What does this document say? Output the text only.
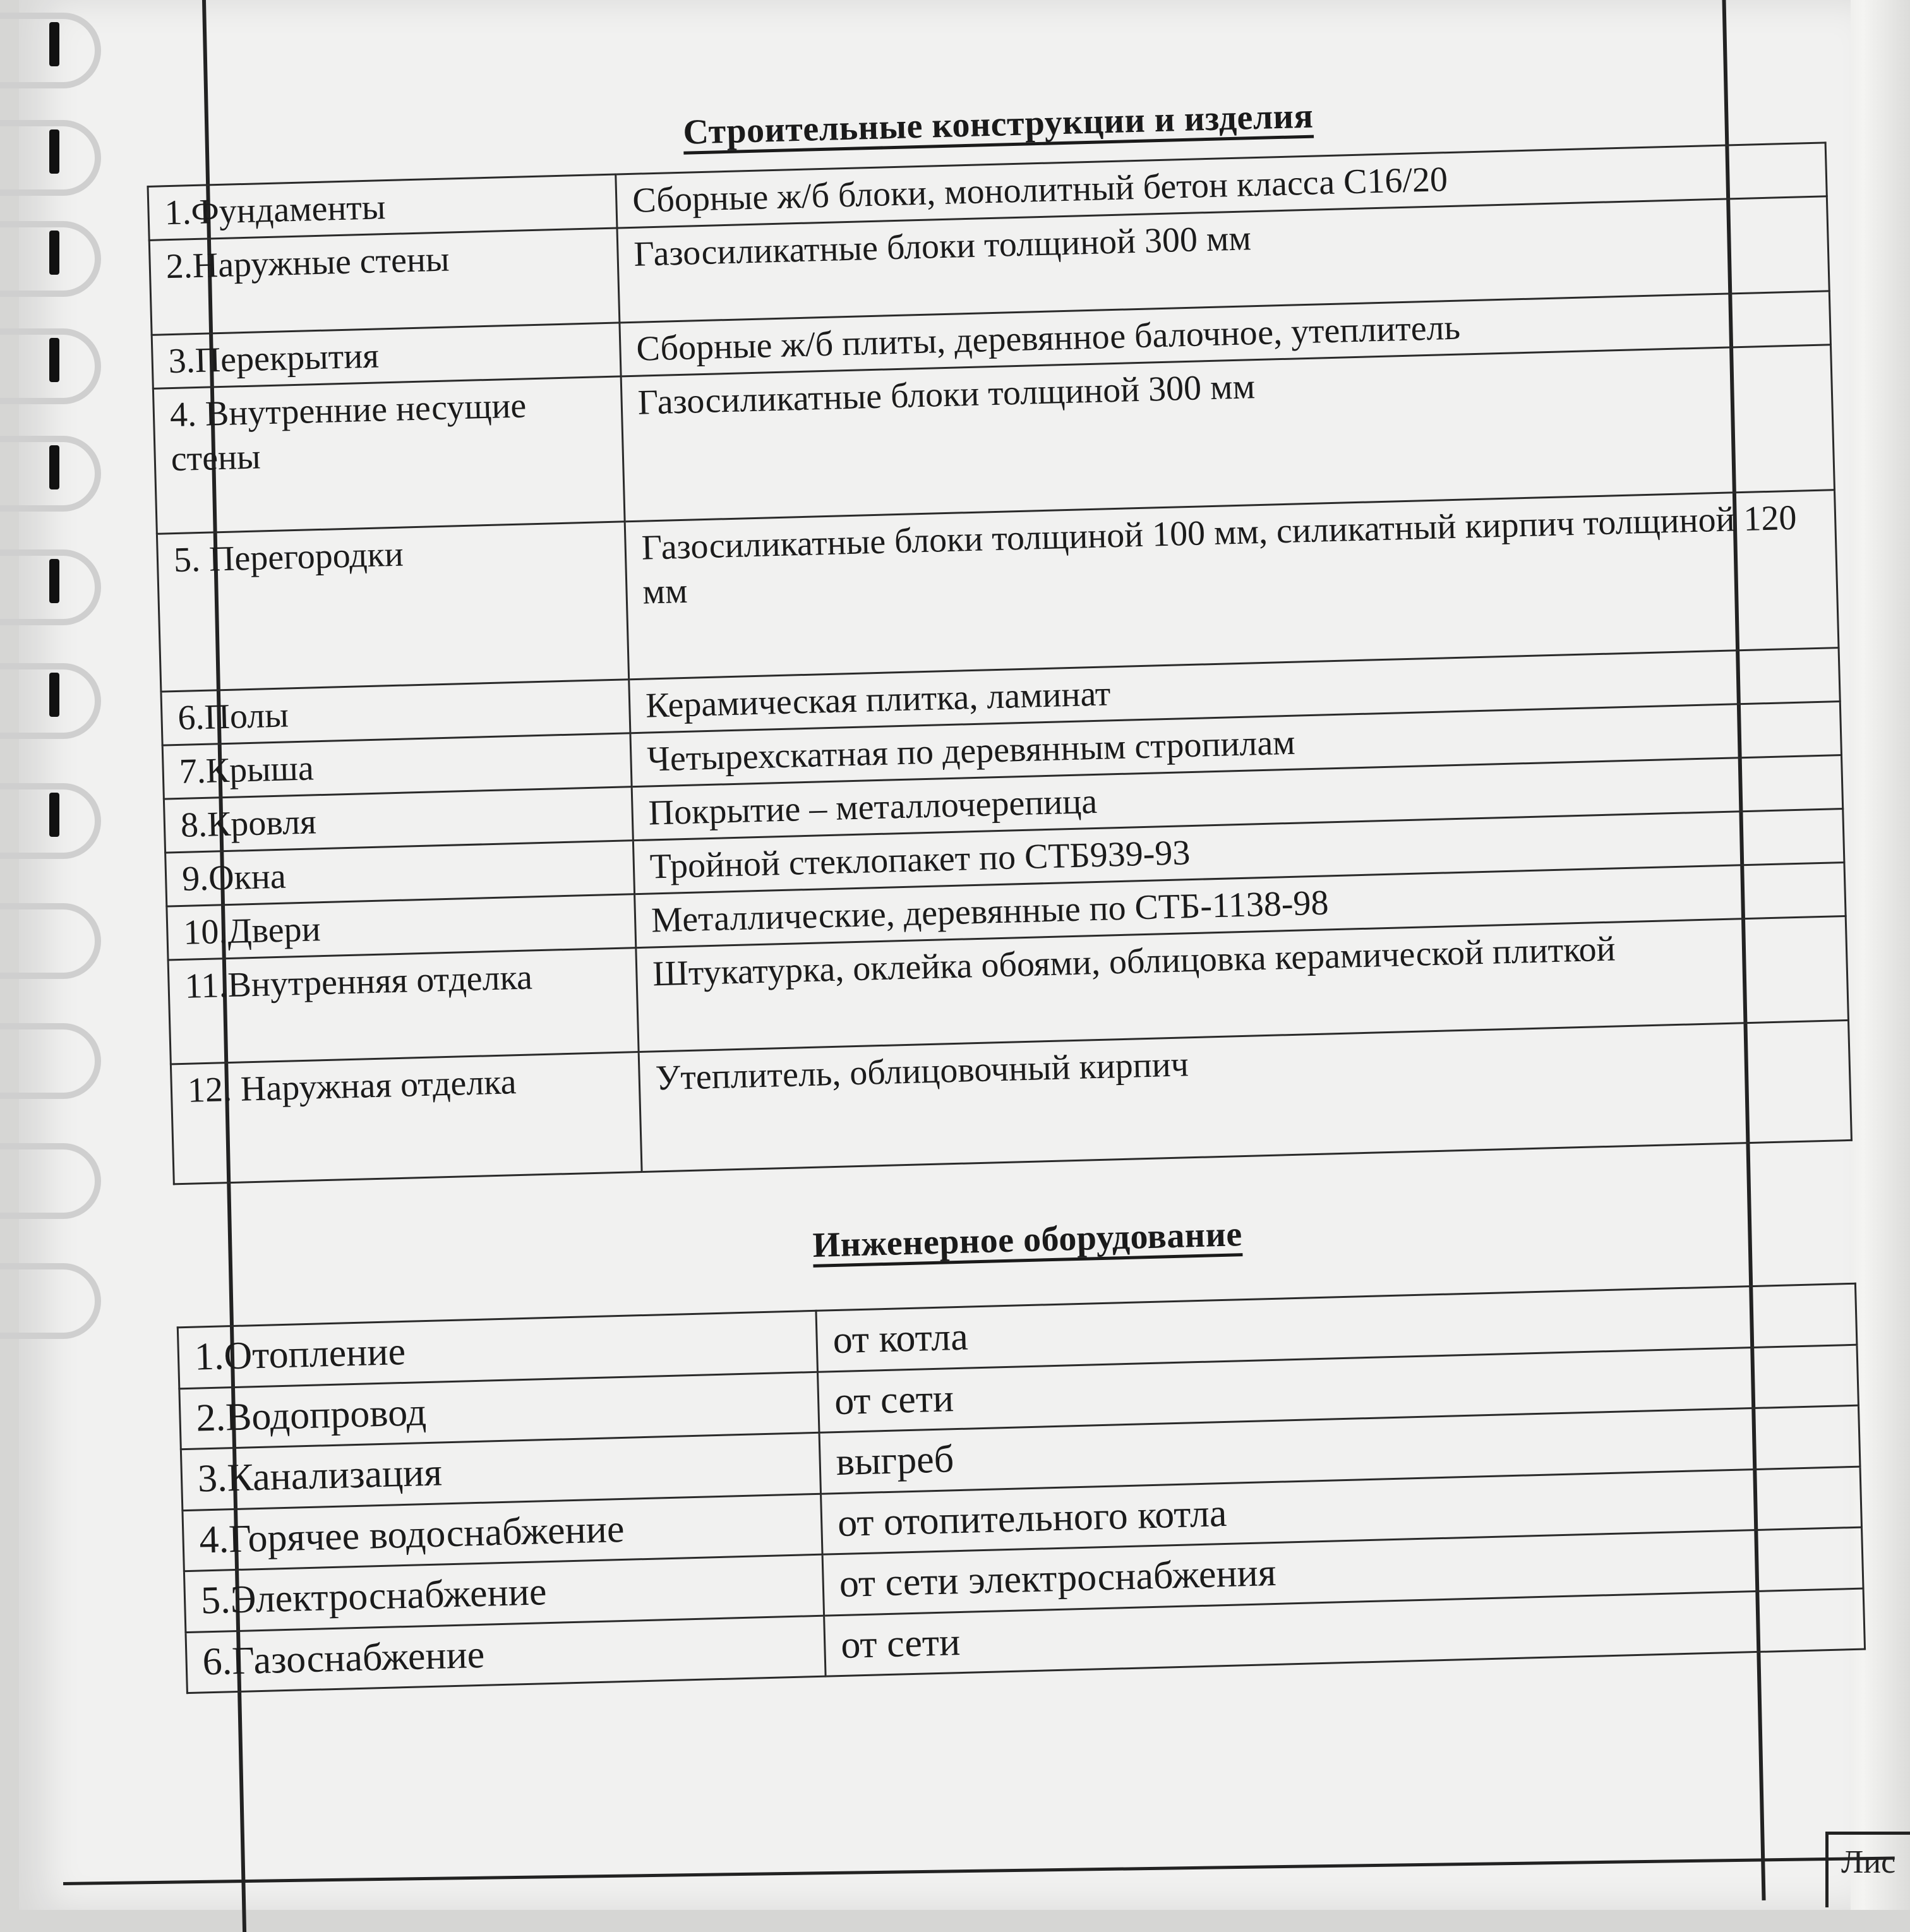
Строительные конструкции и изделия
1.Фундаменты	Сборные ж/б блоки, монолитный бетон класса С16/20
2.Наружные стены	Газосиликатные блоки толщиной 300 мм
3.Перекрытия	Сборные ж/б плиты, деревянное балочное, утеплитель
4. Внутренние несущие стены	Газосиликатные блоки толщиной 300 мм
5. Перегородки	Газосиликатные блоки толщиной 100 мм, силикатный кирпич толщиной 120 мм
6.Полы	Керамическая плитка, ламинат
7.Крыша	Четырехскатная по деревянным стропилам
8.Кровля	Покрытие – металлочерепица
9.Окна	Тройной стеклопакет по СТБ939-93
10.Двери	Металлические, деревянные по СТБ-1138-98
11.Внутренняя отделка	Штукатурка, оклейка обоями, облицовка керамической плиткой
12. Наружная отделка	Утеплитель, облицовочный кирпич
Инженерное оборудование
1.Отопление	от котла
2.Водопровод	от сети
3.Канализация	выгреб
4.Горячее водоснабжение	от отопительного котла
5.Электроснабжение	от сети электроснабжения
6.Газоснабжение	от сети
Лис
